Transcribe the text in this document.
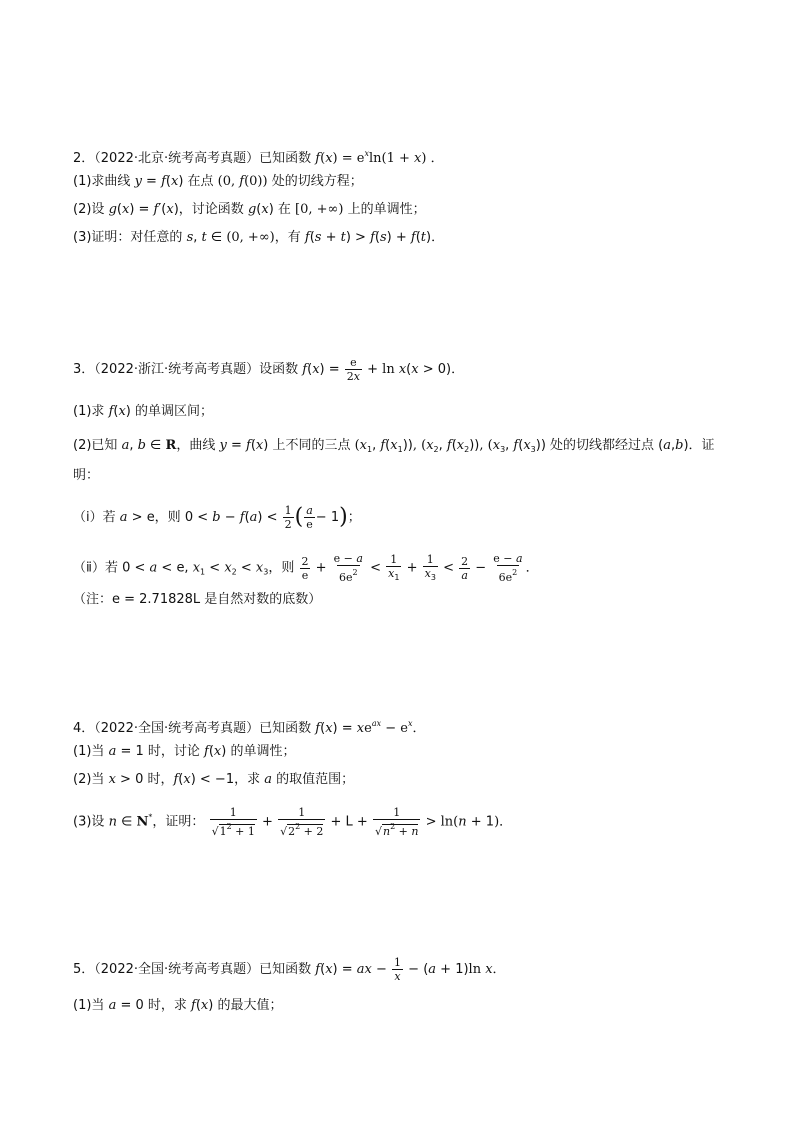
2．（2022·北京·统考高考真题）已知函数 $f(x) = e^x\ln(1 + x)$ ．
(1)求曲线 y = f(x) 在点 (0, f(0)) 处的切线方程；
(2)设 g(x) = f′(x)，讨论函数 g(x) 在 [0, +∞) 上的单调性；
(3)证明：对任意的 s, t ∈ (0, +∞)，有 f(s + t) > f(s) + f(t)．
3．（2022·浙江·统考高考真题）设函数 $f(x) = \frac{e}{2x} + \ln x(x > 0)$．
(1)求 f(x) 的单调区间；
(2)已知 a, b ∈ R，曲线 y = f(x) 上不同的三点 ($x_1$, $f(x_1)$), ($x_2$, $f(x_2)$), ($x_3$, $f(x_3)$) 处的切线都经过点 (a,b)．证
明：
（ⅰ）若 a > e，则 $0 < b - f(a) < \frac{1}{2}$ ( $\frac{a}{e} - 1$)；
（ⅱ）若 0 < a < e, $x_1 < x_2 < x_3$，则 $\frac{2}{e} + \frac{e - a}{6e^2} < \frac{1}{x_1} + \frac{1}{x_3} < \frac{2}{a} - \frac{e - a}{6e^2}$ ．
（注：e = 2.71828L 是自然对数的底数）
4．（2022·全国·统考高考真题）已知函数 $f(x) = xe^{ax} - e^x$．
(1)当 a = 1 时，讨论 f(x) 的单调性；
(2)当 x > 0 时，f(x) < −1，求 a 的取值范围；
(3)设 n ∈ N*，证明： $\frac{1}{√1^2 + 1} + \frac{1}{√2^2 + 2} + L + \frac{1}{√n^2 + n} > \ln(n + 1)$．
5．（2022·全国·统考高考真题）已知函数 f(x) = ax − $\frac{1}{x} - (a + 1)\ln$ x．
(1)当 a = 0 时，求 f(x) 的最大值；
